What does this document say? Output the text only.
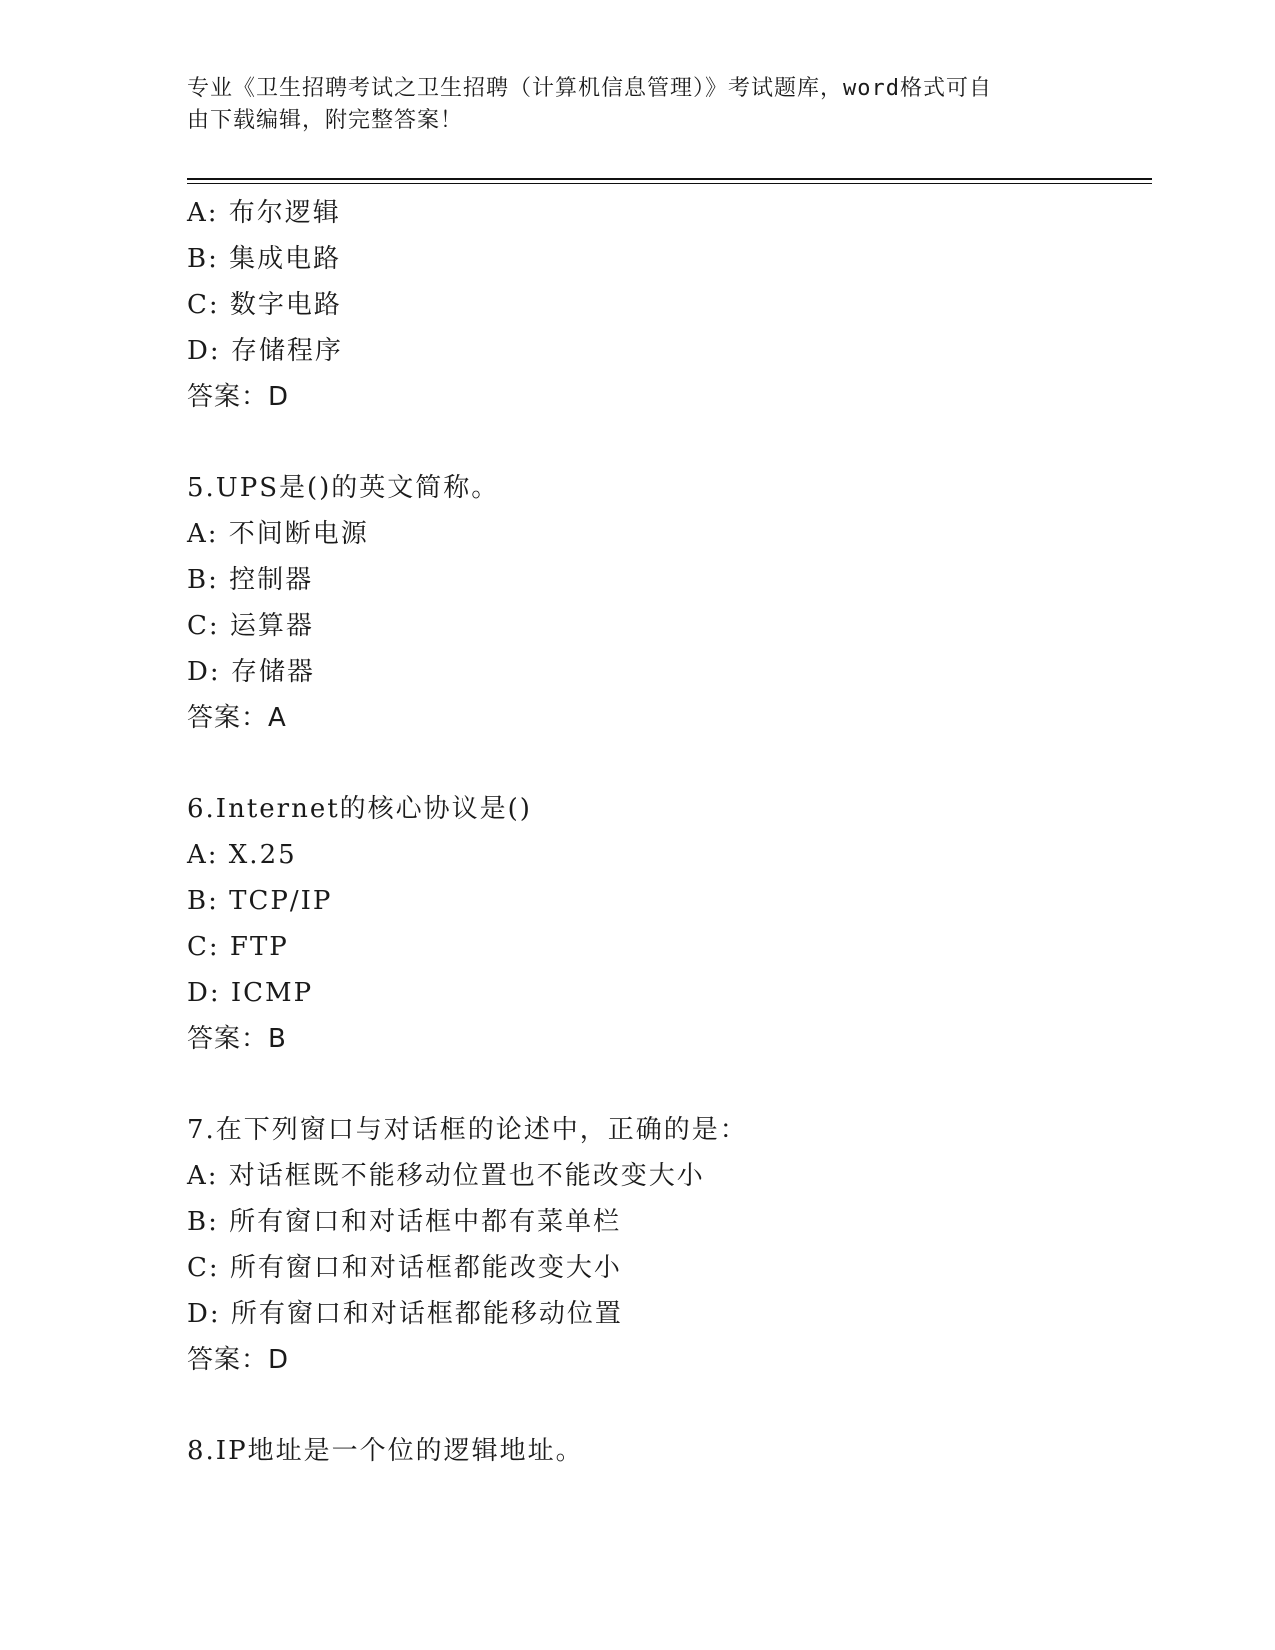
专业《卫生招聘考试之卫生招聘（计算机信息管理）》考试题库，word格式可自
由下载编辑，附完整答案！
A: 布尔逻辑
B: 集成电路
C: 数字电路
D: 存储程序
答案：D
5.UPS是()的英文简称。
A: 不间断电源
B: 控制器
C: 运算器
D: 存储器
答案：A
6.Internet的核心协议是()
A: X.25
B: TCP/IP
C: FTP
D: ICMP
答案：B
7.在下列窗口与对话框的论述中，正确的是：
A: 对话框既不能移动位置也不能改变大小
B: 所有窗口和对话框中都有菜单栏
C: 所有窗口和对话框都能改变大小
D: 所有窗口和对话框都能移动位置
答案：D
8.IP地址是一个位的逻辑地址。
